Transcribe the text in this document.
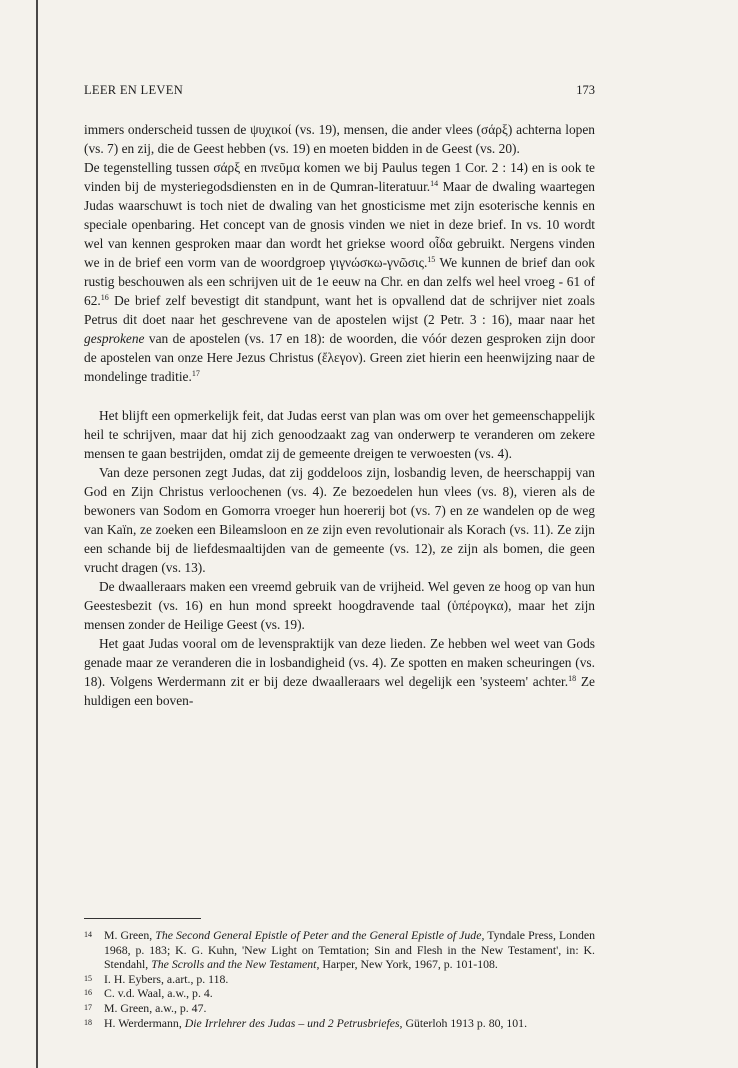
LEER EN LEVEN	173

immers onderscheid tussen de ψυχικοί (vs. 19), mensen, die ander vlees (σάρξ) achterna lopen (vs. 7) en zij, die de Geest hebben (vs. 19) en moeten bidden in de Geest (vs. 20).

De tegenstelling tussen σάρξ en πνεῦμα komen we bij Paulus tegen 1 Cor. 2 : 14) en is ook te vinden bij de mysteriegodsdiensten en in de Qumran-literatuur.$^{14}$ Maar de dwaling waartegen Judas waarschuwt is toch niet de dwaling van het gnosticisme met zijn esoterische kennis en speciale openbaring. Het concept van de gnosis vinden we niet in deze brief. In vs. 10 wordt wel van kennen gesproken maar dan wordt het griekse woord οἶδα gebruikt. Nergens vinden we in de brief een vorm van de woordgroep γιγνώσκω-γνῶσις.$^{15}$ We kunnen de brief dan ook rustig beschouwen als een schrijven uit de 1e eeuw na Chr. en dan zelfs wel heel vroeg - 61 of 62.16 De brief zelf bevestigt dit standpunt, want het is opvallend dat de schrijver niet zoals Petrus dit doet naar het geschrevene van de apostelen wijst (2 Petr. 3 : 16), maar naar het gesprokene van de apostelen (vs. 17 en 18): de woorden, die vóór dezen gesproken zijn door de apostelen van onze Here Jezus Christus (ἔλεγον). Green ziet hierin een heenwijzing naar de mondelinge traditie.$^{17}$

Het blijft een opmerkelijk feit, dat Judas eerst van plan was om over het gemeenschappelijk heil te schrijven, maar dat hij zich genoodzaakt zag van onderwerp te veranderen om zekere mensen te gaan bestrijden, omdat zij de gemeente dreigen te verwoesten (vs. 4).

Van deze personen zegt Judas, dat zij goddeloos zijn, losbandig leven, de heerschappij van God en Zijn Christus verloochenen (vs. 4). Ze bezoedelen hun vlees (vs. 8), vieren als de bewoners van Sodom en Gomorra vroeger hun hoererij bot (vs. 7) en ze wandelen op de weg van Kaïn, ze zoeken een Bileamsloon en ze zijn even revolutionair als Korach (vs. 11). Ze zijn een schande bij de liefdesmaaltijden van de gemeente (vs. 12), ze zijn als bomen, die geen vrucht dragen (vs. 13).

De dwaalleraars maken een vreemd gebruik van de vrijheid. Wel geven ze hoog op van hun Geestesbezit (vs. 16) en hun mond spreekt hoogdravende taal (ὑπέρογκα), maar het zijn mensen zonder de Heilige Geest (vs. 19).

Het gaat Judas vooral om de levenspraktijk van deze lieden. Ze hebben wel weet van Gods genade maar ze veranderen die in losbandigheid (vs. 4). Ze spotten en maken scheuringen (vs. 18). Volgens Werdermann zit er bij deze dwaalleraars wel degelijk een 'systeem' achter.$^{18}$ Ze huldigen een boven-

14 M. Green, The Second General Epistle of Peter and the General Epistle of Jude, Tyndale Press, Londen 1968, p. 183; K. G. Kuhn, 'New Light on Temtation; Sin and Flesh in the New Testament', in: K. Stendahl, The Scrolls and the New Testament, Harper, New York, 1967, p. 101-108.
15 I. H. Eybers, a.art., p. 118.
16 C. v.d. Waal, a.w., p. 4.
17 M. Green, a.w., p. 47.
18 H. Werdermann, Die Irrlehrer des Judas – und 2 Petrusbriefes, Güterloh 1913 p. 80, 101.
